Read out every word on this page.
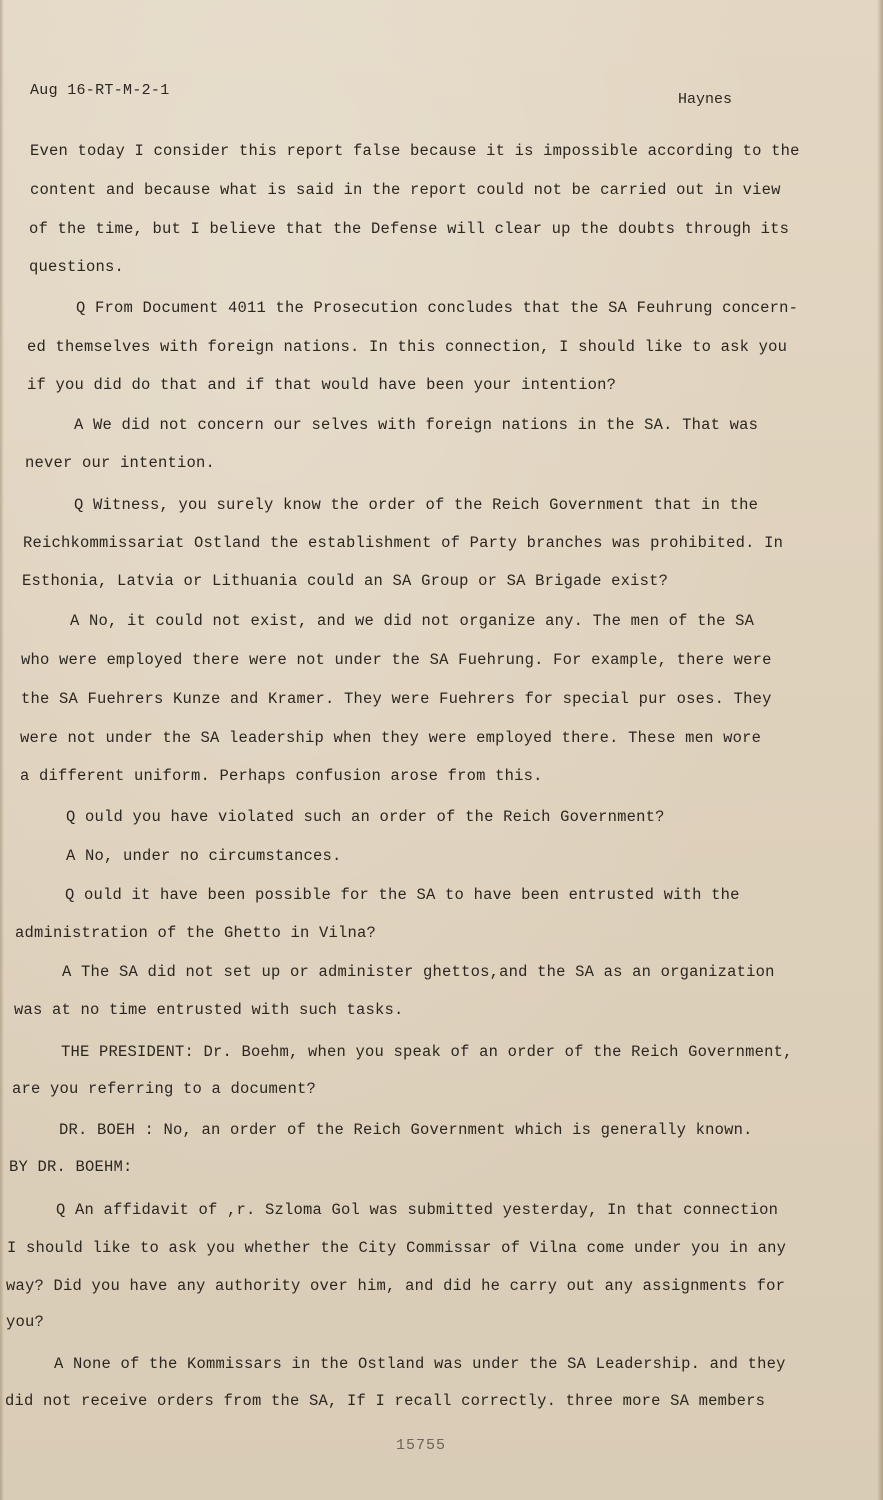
Aug 16-RT-M-2-1
Haynes
Even today I consider this report false because it is impossible according to the
content and because what is said in the report could not be carried out in view
of the time, but I believe that the Defense will clear up the doubts through its
questions.
Q From Document 4011 the Prosecution concludes that the SA Feuhrung concern-
ed themselves with foreign nations. In this connection, I should like to ask you
if you did do that and if that would have been your intention?
A We did not concern our selves with foreign nations in the SA. That was
never our intention.
Q Witness, you surely know the order of the Reich Government that in the
Reichkommissariat Ostland the establishment of Party branches was prohibited. In
Esthonia, Latvia or Lithuania could an SA Group or SA Brigade exist?
A No, it could not exist, and we did not organize any. The men of the SA
who were employed there were not under the SA Fuehrung. For example, there were
the SA Fuehrers Kunze and Kramer. They were Fuehrers for special pur oses. They
were not under the SA leadership when they were employed there. These men wore
a different uniform. Perhaps confusion arose from this.
Q ould you have violated such an order of the Reich Government?
A No, under no circumstances.
Q ould it have been possible for the SA to have been entrusted with the
administration of the Ghetto in Vilna?
A The SA did not set up or administer ghettos,and the SA as an organization
was at no time entrusted with such tasks.
THE PRESIDENT: Dr. Boehm, when you speak of an order of the Reich Government,
are you referring to a document?
DR. BOEH : No, an order of the Reich Government which is generally known.
BY DR. BOEHM:
Q An affidavit of ,r. Szloma Gol was submitted yesterday, In that connection
I should like to ask you whether the City Commissar of Vilna come under you in any
way? Did you have any authority over him, and did he carry out any assignments for
you?
A None of the Kommissars in the Ostland was under the SA Leadership. and they
did not receive orders from the SA, If I recall correctly. three more SA members
15755
